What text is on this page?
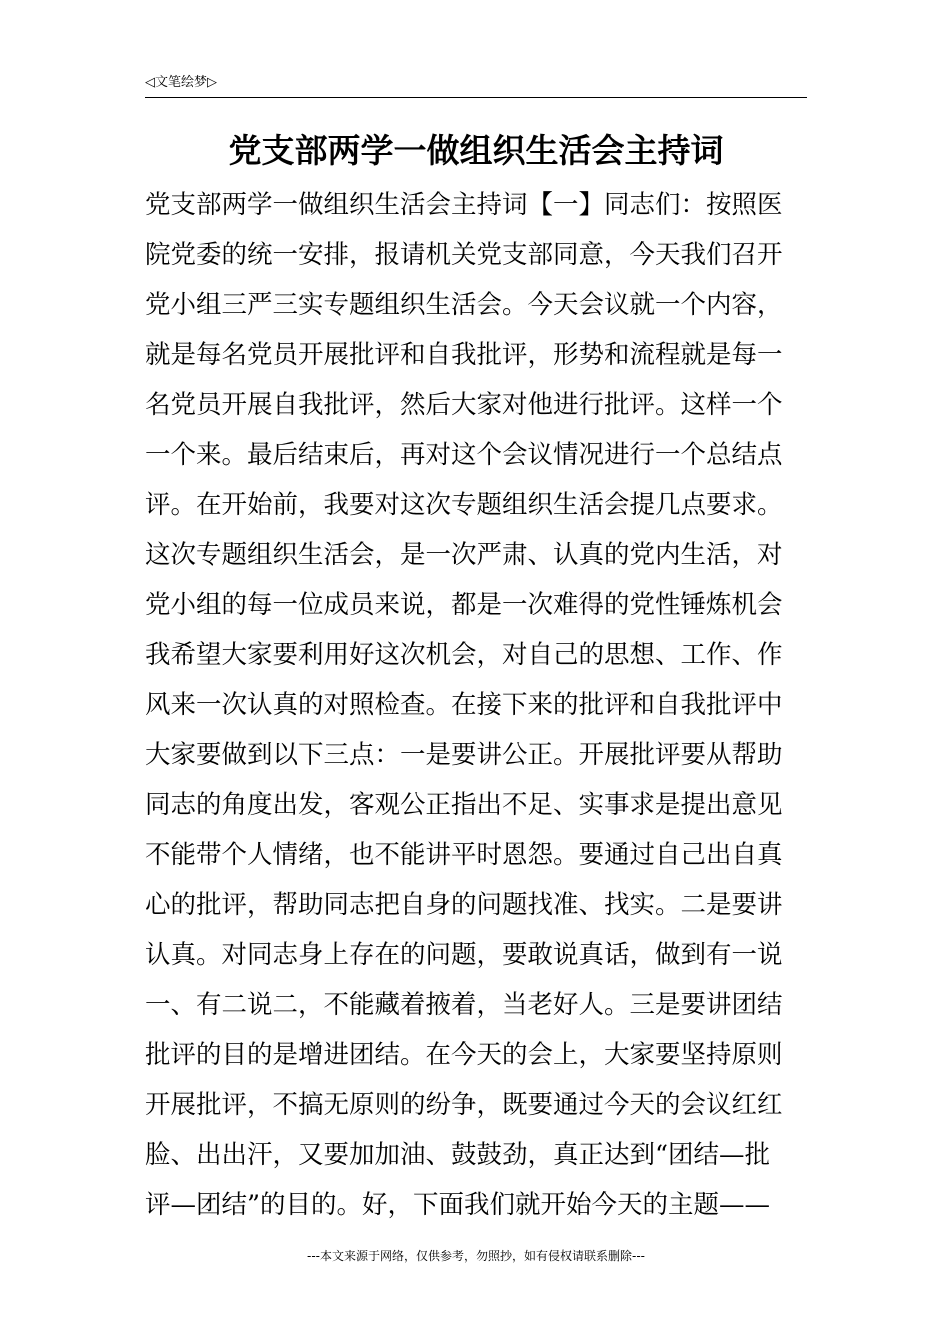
◁文笔绘梦▷
党支部两学一做组织生活会主持词
党支部两学一做组织生活会主持词【一】同志们：按照医
院党委的统一安排，报请机关党支部同意，今天我们召开
党小组三严三实专题组织生活会。今天会议就一个内容，
就是每名党员开展批评和自我批评，形势和流程就是每一
名党员开展自我批评，然后大家对他进行批评。这样一个
一个来。最后结束后，再对这个会议情况进行一个总结点
评。在开始前，我要对这次专题组织生活会提几点要求。
这次专题组织生活会，是一次严肃、认真的党内生活，对
党小组的每一位成员来说，都是一次难得的党性锤炼机会
我希望大家要利用好这次机会，对自己的思想、工作、作
风来一次认真的对照检查。在接下来的批评和自我批评中
大家要做到以下三点：一是要讲公正。开展批评要从帮助
同志的角度出发，客观公正指出不足、实事求是提出意见
不能带个人情绪，也不能讲平时恩怨。要通过自己出自真
心的批评，帮助同志把自身的问题找准、找实。二是要讲
认真。对同志身上存在的问题，要敢说真话，做到有一说
一、有二说二，不能藏着掖着，当老好人。三是要讲团结
批评的目的是增进团结。在今天的会上，大家要坚持原则
开展批评，不搞无原则的纷争，既要通过今天的会议红红
脸、出出汗，又要加加油、鼓鼓劲，真正达到“团结—批
评—团结”的目的。好，下面我们就开始今天的主题——
---本文来源于网络，仅供参考，勿照抄，如有侵权请联系删除---
